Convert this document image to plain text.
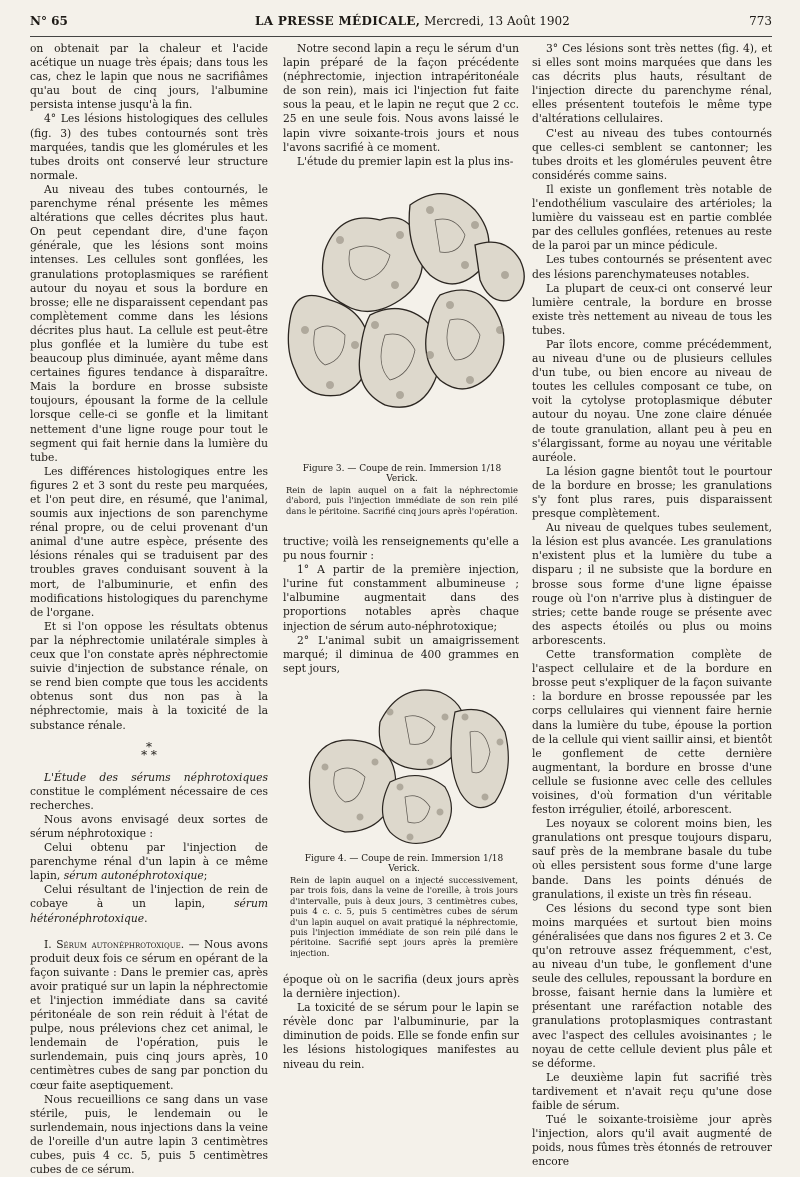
N° 65	LA PRESSE MÉDICALE, Mercredi, 13 Août 1902	773

on obtenait par la chaleur et l'acide acétique un nuage très épais; dans tous les cas, chez le lapin que nous ne sacrifiâmes qu'au bout de cinq jours, l'albumine persista intense jusqu'à la fin.

4° Les lésions histologiques des cellules (fig. 3) des tubes contournés sont très marquées, tandis que les glomérules et les tubes droits ont conservé leur structure normale.

Au niveau des tubes contournés, le parenchyme rénal présente les mêmes altérations que celles décrites plus haut. On peut cependant dire, d'une façon générale, que les lésions sont moins intenses. Les cellules sont gonflées, les granulations protoplasmiques se raréfient autour du noyau et sous la bordure en brosse; elle ne disparaissent cependant pas complètement comme dans les lésions décrites plus haut. La cellule est peut-être plus gonflée et la lumière du tube est beaucoup plus diminuée, ayant même dans certaines figures tendance à disparaître. Mais la bordure en brosse subsiste toujours, épousant la forme de la cellule lorsque celle-ci se gonfle et la limitant nettement d'une ligne rouge pour tout le segment qui fait hernie dans la lumière du tube.

Les différences histologiques entre les figures 2 et 3 sont du reste peu marquées, et l'on peut dire, en résumé, que l'animal, soumis aux injections de son parenchyme rénal propre, ou de celui provenant d'un animal d'une autre espèce, présente des lésions rénales qui se traduisent par des troubles graves conduisant souvent à la mort, de l'albuminurie, et enfin des modifications histologiques du parenchyme de l'organe.

Et si l'on oppose les résultats obtenus par la néphrectomie unilatérale simples à ceux que l'on constate après néphrectomie suivie d'injection de substance rénale, on se rend bien compte que tous les accidents obtenus sont dus non pas à la néphrectomie, mais à la toxicité de la substance rénale.

*
* *

L'Étude des sérums néphrotoxiques constitue le complément nécessaire de ces recherches.

Nous avons envisagé deux sortes de sérum néphrotoxique :

Celui obtenu par l'injection de parenchyme rénal d'un lapin à ce même lapin, sérum autonéphrotoxique;

Celui résultant de l'injection de rein de cobaye à un lapin, sérum hétéronéphrotoxique.

I. Sérum autonéphrotoxique. — Nous avons produit deux fois ce sérum en opérant de la façon suivante : Dans le premier cas, après avoir pratiqué sur un lapin la néphrectomie et l'injection immédiate dans sa cavité péritonéale de son rein réduit à l'état de pulpe, nous prélevions chez cet animal, le lendemain de l'opération, puis le surlendemain, puis cinq jours après, 10 centimètres cubes de sang par ponction du cœur faite aseptiquement.

Nous recueillions ce sang dans un vase stérile, puis, le lendemain ou le surlendemain, nous injections dans la veine de l'oreille d'un autre lapin 3 centimètres cubes, puis 4 cc. 5, puis 5 centimètres cubes de ce sérum.

Notre second lapin a reçu le sérum d'un lapin préparé de la façon précédente (néphrectomie, injection intrapéritonéale de son rein), mais ici l'injection fut faite sous la peau, et le lapin ne reçut que 2 cc. 25 en une seule fois. Nous avons laissé le lapin vivre soixante-trois jours et nous l'avons sacrifié à ce moment.

L'étude du premier lapin est la plus ins-

Figure 3. — Coupe de rein. Immersion 1/18 Verick.
Rein de lapin auquel on a fait la néphrectomie d'abord, puis l'injection immédiate de son rein pilé dans le péritoine. Sacrifié cinq jours après l'opération.

tructive; voilà les renseignements qu'elle a pu nous fournir :

1° A partir de la première injection, l'urine fut constamment albumineuse ; l'albumine augmentait dans des proportions notables après chaque injection de sérum auto-néphrotoxique;

2° L'animal subit un amaigrissement marqué; il diminua de 400 grammes en sept jours,

Figure 4. — Coupe de rein. Immersion 1/18 Verick.
Rein de lapin auquel on a injecté successivement, par trois fois, dans la veine de l'oreille, à trois jours d'intervalle, puis à deux jours, 3 centimètres cubes, puis 4 c. c. 5, puis 5 centimètres cubes de sérum d'un lapin auquel on avait pratiqué la néphrectomie, puis l'injection immédiate de son rein pilé dans le péritoine. Sacrifié sept jours après la première injection.

époque où on le sacrifia (deux jours après la dernière injection).

La toxicité de se sérum pour le lapin se révèle donc par l'albuminurie, par la diminution de poids. Elle se fonde enfin sur les lésions histologiques manifestes au niveau du rein.

3° Ces lésions sont très nettes (fig. 4), et si elles sont moins marquées que dans les cas décrits plus hauts, résultant de l'injection directe du parenchyme rénal, elles présentent toutefois le même type d'altérations cellulaires.

C'est au niveau des tubes contournés que celles-ci semblent se cantonner; les tubes droits et les glomérules peuvent être considérés comme sains.

Il existe un gonflement très notable de l'endothélium vasculaire des artérioles; la lumière du vaisseau est en partie comblée par des cellules gonflées, retenues au reste de la paroi par un mince pédicule.

Les tubes contournés se présentent avec des lésions parenchymateuses notables.

La plupart de ceux-ci ont conservé leur lumière centrale, la bordure en brosse existe très nettement au niveau de tous les tubes.

Par îlots encore, comme précédemment, au niveau d'une ou de plusieurs cellules d'un tube, ou bien encore au niveau de toutes les cellules composant ce tube, on voit la cytolyse protoplasmique débuter autour du noyau. Une zone claire dénuée de toute granulation, allant peu à peu en s'élargissant, forme au noyau une véritable auréole.

La lésion gagne bientôt tout le pourtour de la bordure en brosse; les granulations s'y font plus rares, puis disparaissent presque complètement.

Au niveau de quelques tubes seulement, la lésion est plus avancée. Les granulations n'existent plus et la lumière du tube a disparu ; il ne subsiste que la bordure en brosse sous forme d'une ligne épaisse rouge où l'on n'arrive plus à distinguer de stries; cette bande rouge se présente avec des aspects étoilés ou plus ou moins arborescents.

Cette transformation complète de l'aspect cellulaire et de la bordure en brosse peut s'expliquer de la façon suivante : la bordure en brosse repoussée par les corps cellulaires qui viennent faire hernie dans la lumière du tube, épouse la portion de la cellule qui vient saillir ainsi, et bientôt le gonflement de cette dernière augmentant, la bordure en brosse d'une cellule se fusionne avec celle des cellules voisines, d'où formation d'un véritable feston irrégulier, étoilé, arborescent.

Les noyaux se colorent moins bien, les granulations ont presque toujours disparu, sauf près de la membrane basale du tube où elles persistent sous forme d'une large bande. Dans les points dénués de granulations, il existe un très fin réseau.

Ces lésions du second type sont bien moins marquées et surtout bien moins généralisées que dans nos figures 2 et 3. Ce qu'on retrouve assez fréquemment, c'est, au niveau d'un tube, le gonflement d'une seule des cellules, repoussant la bordure en brosse, faisant hernie dans la lumière et présentant une raréfaction notable des granulations protoplasmiques contrastant avec l'aspect des cellules avoisinantes ; le noyau de cette cellule devient plus pâle et se déforme.

Le deuxième lapin fut sacrifié très tardivement et n'avait reçu qu'une dose faible de sérum.

Tué le soixante-troisième jour après l'injection, alors qu'il avait augmenté de poids, nous fûmes très étonnés de retrouver encore
